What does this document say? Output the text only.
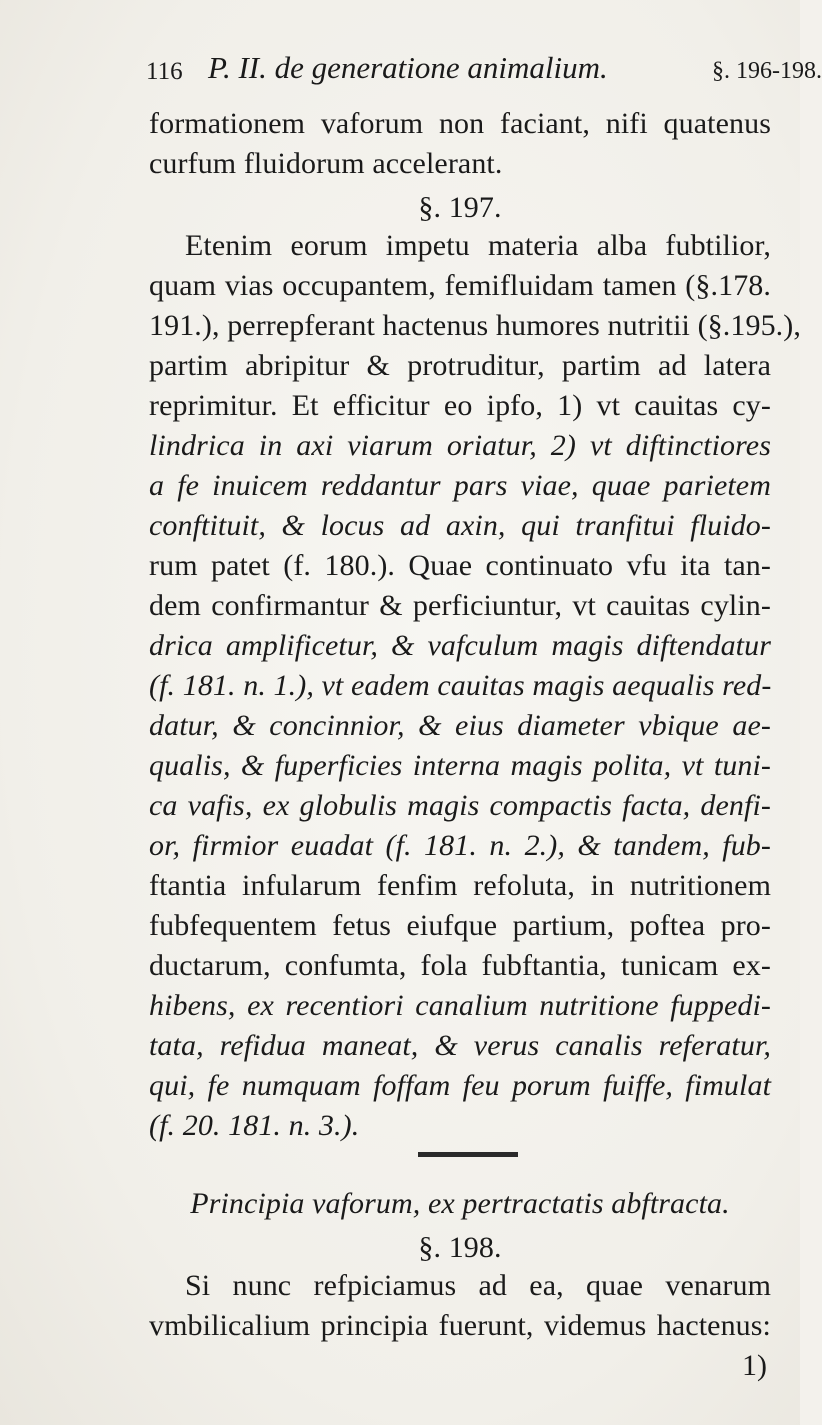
116 P. II. de generatione animalium.	§. 196-198.
formationem vaforum non faciant, nifi quatenus
curfum fluidorum accelerant.
§. 197.
Etenim eorum impetu materia alba fubtilior,
quam vias occupantem, femifluidam tamen (§.178.
191.), perrepferant hactenus humores nutritii (§.195.),
partim abripitur & protruditur, partim ad latera
reprimitur. Et efficitur eo ipfo, 1) vt cauitas cy-
lindrica in axi viarum oriatur, 2) vt diftinctiores
a fe inuicem reddantur pars viae, quae parietem
conftituit, & locus ad axin, qui tranfitui fluido-
rum patet (f. 180.). Quae continuato vfu ita tan-
dem confirmantur & perficiuntur, vt cauitas cylin-
drica amplificetur, & vafculum magis diftendatur
(f. 181. n. 1.), vt eadem cauitas magis aequalis red-
datur, & concinnior, & eius diameter vbique ae-
qualis, & fuperficies interna magis polita, vt tuni-
ca vafis, ex globulis magis compactis facta, denfi-
or, firmior euadat (f. 181. n. 2.), & tandem, fub-
ftantia infularum fenfim refoluta, in nutritionem
fubfequentem fetus eiufque partium, poftea pro-
ductarum, confumta, fola fubftantia, tunicam ex-
hibens, ex recentiori canalium nutritione fuppedi-
tata, refidua maneat, & verus canalis referatur,
qui, fe numquam foffam feu porum fuiffe, fimulat
(f. 20. 181. n. 3.).
Principia vaforum, ex pertractatis abftracta.
§. 198.
Si nunc refpiciamus ad ea, quae venarum
vmbilicalium principia fuerunt, videmus hactenus:
1)
